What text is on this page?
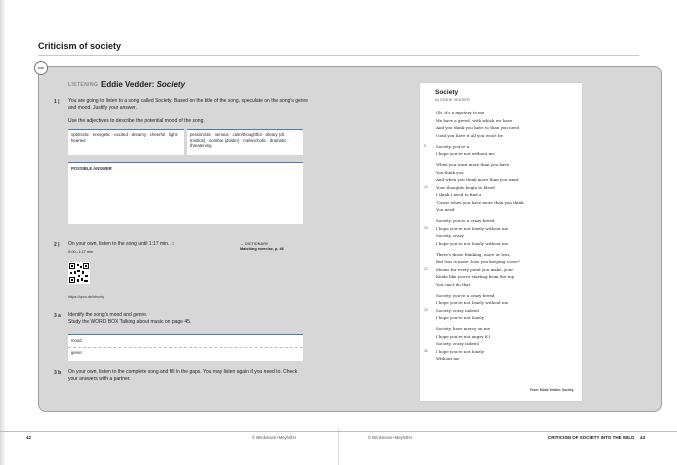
Criticism of society
task
LISTENING Eddie Vedder: Society
1 | You are going to listen to a song called Society. Based on the title of the song, speculate on the song's genre and mood. Justify your answer.
Use the adjectives to describe the potential mood of the song.
optimistic · energetic · excited · dreamy · cheerful · light-hearted
pessimistic · serious · calm/thoughtful · dreary (dt. trostlos) · sombre (düster) · melancholic · dramatic · threatening
POSSIBLE ANSWER
2 | On your own, listen to the song until 1:17 min. ♫
0:00–1:17 min
https://qrco.de/bbvcty
→ DICTIONARY
Matching exercise, p. 46
3 a Identify the song's mood and genre.
Study the WORD BOX Talking about music on page 45.
mood:
genre:
3 b On your own, listen to the complete song and fill in the gaps. You may listen again if you need to. Check your answers with a partner.
Society
by EDDIE VEDDER
Oh, it's a mystery to me
We have a greed, with which we have
And you think you have to than you need
Until you have it all you won't be
Society, you're a
5
I hope you're not without me
When you want more than you have
You think you
And when you think more than you want
Your thoughts begin to bleed
10
I think I need to find a
'Cause when you have more than you think
You need
Society, you're a crazy breed
I hope you're not lonely without me
15
Society, crazy
I hope you're not lonely without me
There's those thinking, more or less,
But less is more, how you keeping score?
Means for every point you make, your
20
Kinda like you're starting from the top
You can't do that
Society, you're a crazy breed
I hope you're not lonely without me
Society, crazy indeed
25
I hope you're not lonely
Society, have mercy on me
I hope you're not angry if I
Society, crazy indeed
I hope you're not lonely
30
Without me
From: Eddie Vedder: Society.
42	© Brinkmann+Meyhöfer	© Brinkmann+Meyhöfer	CRITICISM OF SOCIETY INTO THE WILD 43
